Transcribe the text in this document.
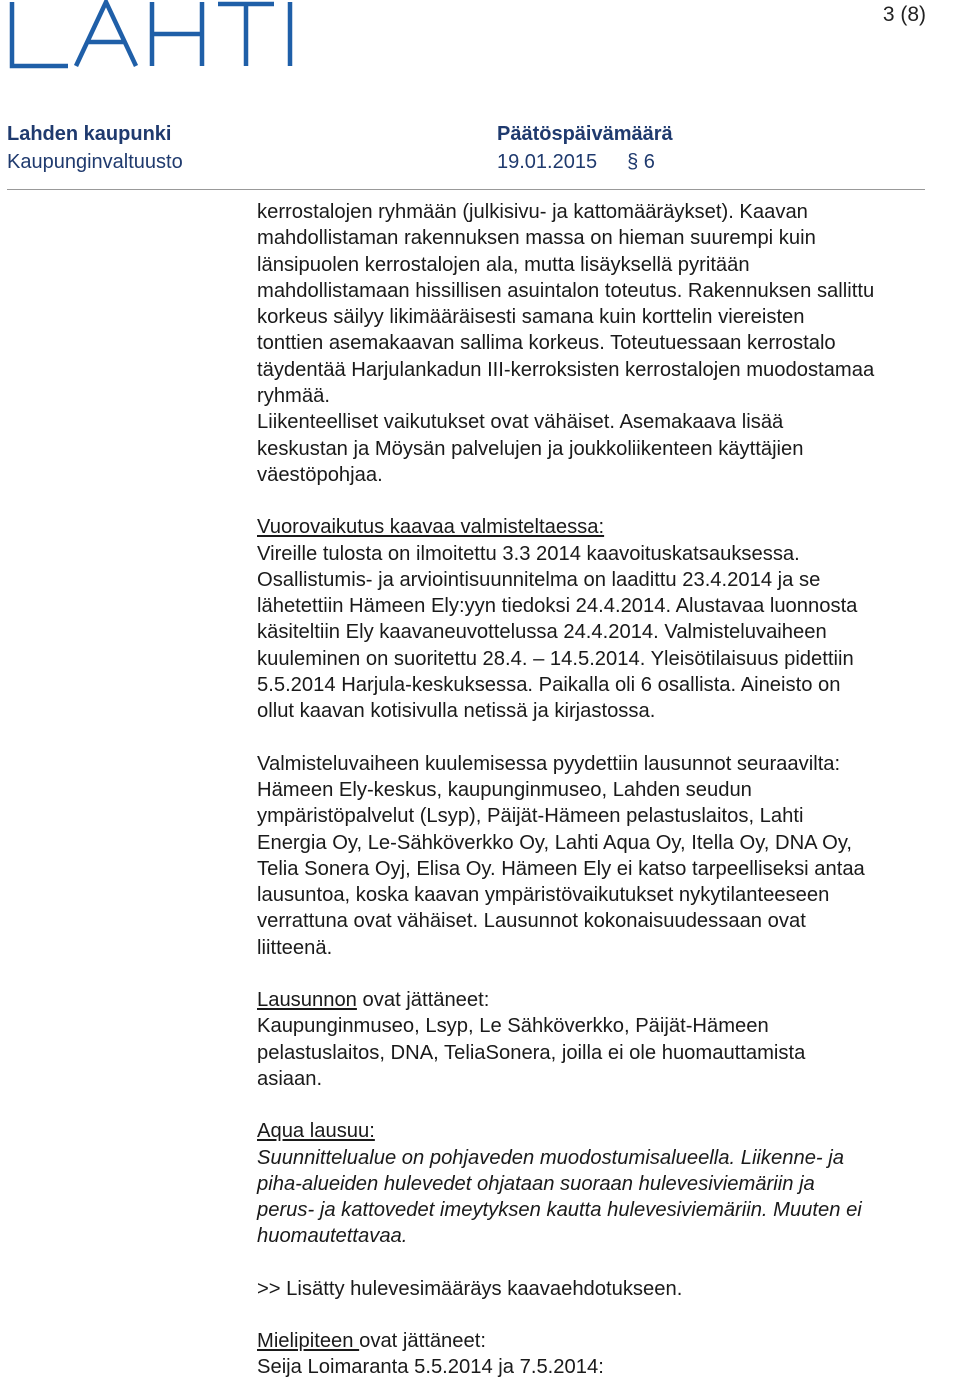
3 (8)
Lahden kaupunki
Kaupunginvaltuusto
Päätöspäivämäärä
19.01.2015 § 6

kerrostalojen ryhmään (julkisivu- ja kattomääräykset). Kaavan

mahdollistaman rakennuksen massa on hieman suurempi kuin

länsipuolen kerrostalojen ala, mutta lisäyksellä pyritään

mahdollistamaan hissillisen asuintalon toteutus. Rakennuksen sallittu

korkeus säilyy likimääräisesti samana kuin korttelin viereisten

tonttien asemakaavan sallima korkeus. Toteutuessaan kerrostalo

täydentää Harjulankadun III-kerroksisten kerrostalojen muodostamaa

ryhmää.

Liikenteelliset vaikutukset ovat vähäiset. Asemakaava lisää

keskustan ja Möysän palvelujen ja joukkoliikenteen käyttäjien

väestöpohjaa.

Vuorovaikutus kaavaa valmisteltaessa:

Vireille tulosta on ilmoitettu 3.3 2014 kaavoituskatsauksessa.

Osallistumis- ja arviointisuunnitelma on laadittu 23.4.2014 ja se

lähetettiin Hämeen Ely:yyn tiedoksi 24.4.2014. Alustavaa luonnosta

käsiteltiin Ely kaavaneuvottelussa 24.4.2014. Valmisteluvaiheen

kuuleminen on suoritettu 28.4. – 14.5.2014. Yleisötilaisuus pidettiin

5.5.2014 Harjula-keskuksessa. Paikalla oli 6 osallista. Aineisto on

ollut kaavan kotisivulla netissä ja kirjastossa.

Valmisteluvaiheen kuulemisessa pyydettiin lausunnot seuraavilta:

Hämeen Ely-keskus, kaupunginmuseo, Lahden seudun

ympäristöpalvelut (Lsyp), Päijät-Hämeen pelastuslaitos, Lahti

Energia Oy, Le-Sähköverkko Oy, Lahti Aqua Oy, Itella Oy, DNA Oy,

Telia Sonera Oyj, Elisa Oy. Hämeen Ely ei katso tarpeelliseksi antaa

lausuntoa, koska kaavan ympäristövaikutukset nykytilanteeseen

verrattuna ovat vähäiset. Lausunnot kokonaisuudessaan ovat

liitteenä.

Lausunnon ovat jättäneet:

Kaupunginmuseo, Lsyp, Le Sähköverkko, Päijät-Hämeen

pelastuslaitos, DNA, TeliaSonera, joilla ei ole huomauttamista

asiaan.

Aqua lausuu:

Suunnittelualue on pohjaveden muodostumisalueella. Liikenne- ja

piha-alueiden hulevedet ohjataan suoraan hulevesiviemäriin ja

perus- ja kattovedet imeytyksen kautta hulevesiviemäriin. Muuten ei

huomautettavaa.

>> Lisätty hulevesimääräys kaavaehdotukseen.

Mielipiteen ovat jättäneet:

Seija Loimaranta 5.5.2014 ja 7.5.2014:
